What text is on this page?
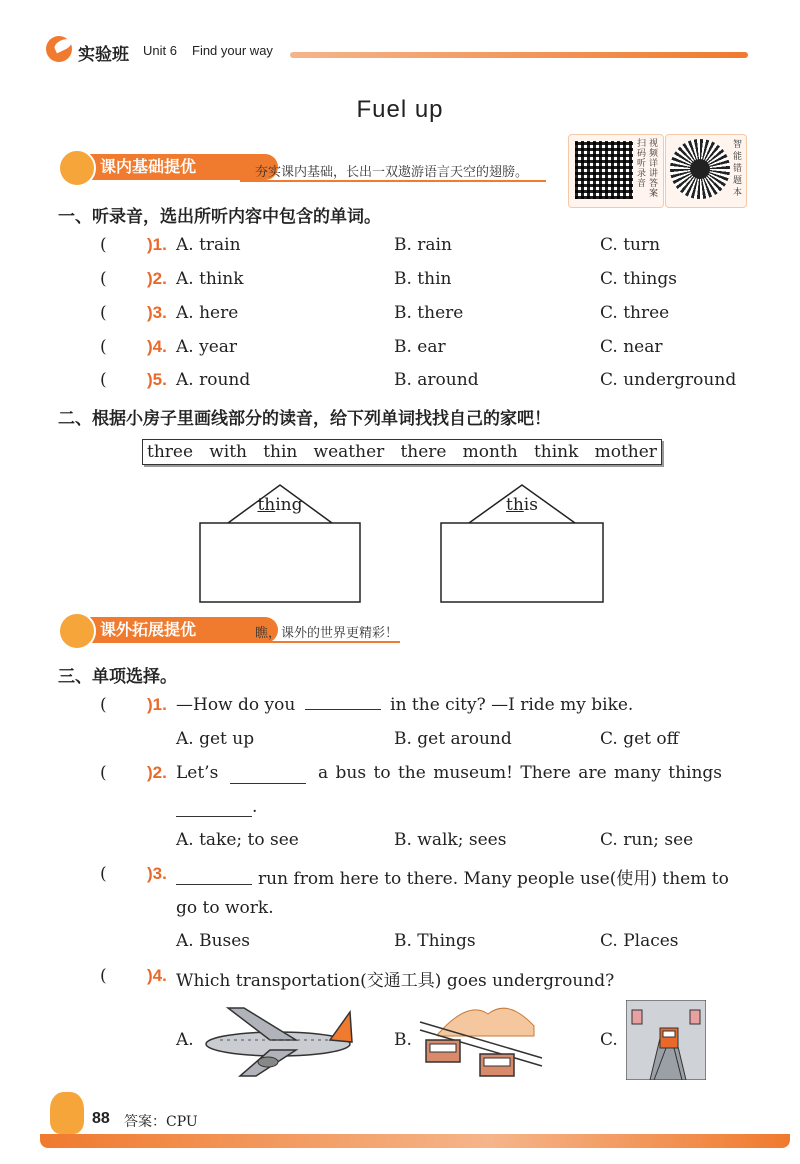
实验班 Unit 6 Find your way
Fuel up
课内基础提优	夯实课内基础，长出一双遨游语言天空的翅膀。
扫码听录音
视频详讲答案
智能错题本
一、听录音，选出所听内容中包含的单词。
( )1. A. train	B. rain	C. turn
( )2. A. think	B. thin	C. things
( )3. A. here	B. there	C. three
( )4. A. year	B. ear	C. near
( )5. A. round	B. around	C. underground
二、根据小房子里画线部分的读音，给下列单词找找自己的家吧！
three with thin weather there month think mother
thing	this
课外拓展提优	瞧，课外的世界更精彩！
三、单项选择。
( )1. —How do you	in the city? —I ride my bike.
A. get up	B. get around	C. get off
( )2. Let’s	a bus to the museum! There are many things
.
A. take; to see	B. walk; sees	C. run; see
( )3.	run from here to there. Many people use(使用) them to
go to work.
A. Buses	B. Things	C. Places
( )4. Which transportation(交通工具) goes underground?
A.	B.	C.
88 答案：CPU
